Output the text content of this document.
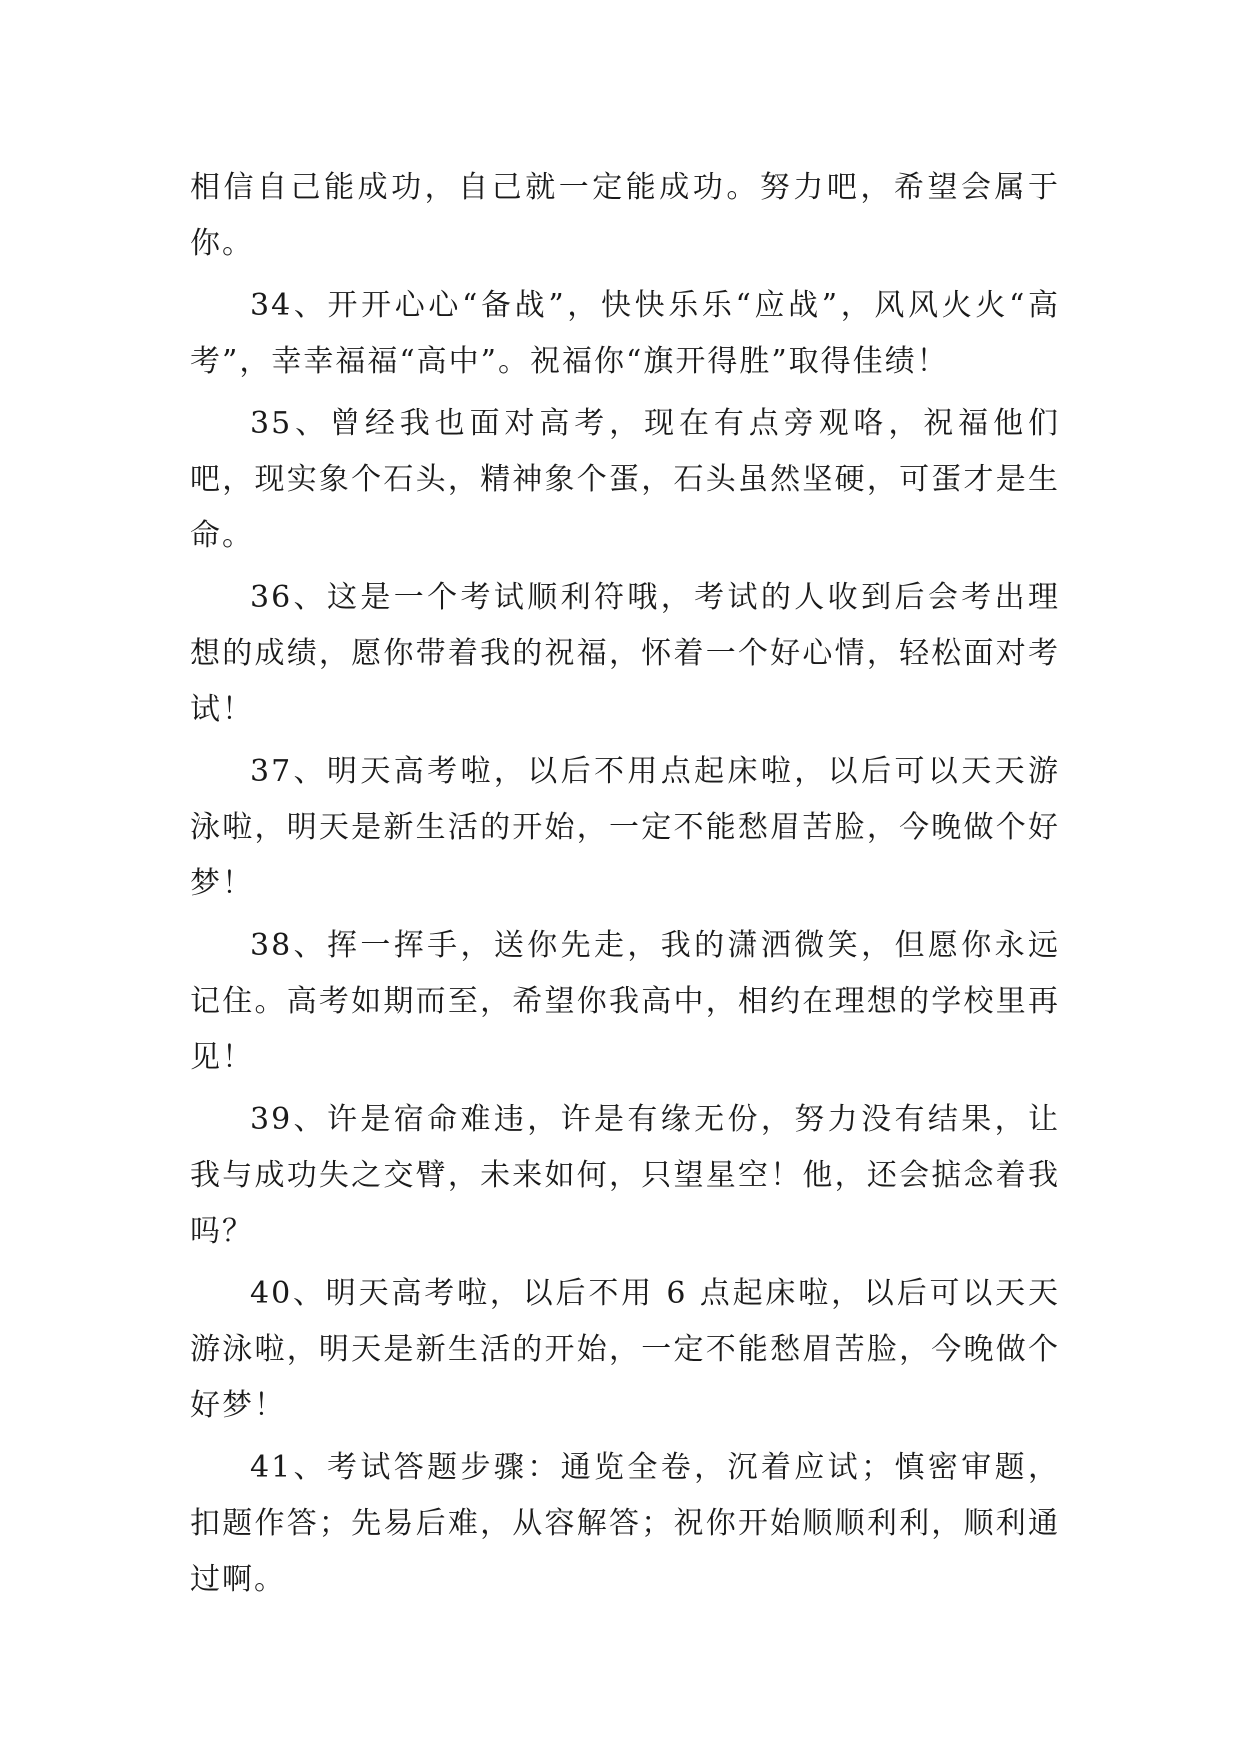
相信自己能成功，自己就一定能成功。努力吧，希望会属于你。

34、开开心心“备战”，快快乐乐“应战”，风风火火“高考”，幸幸福福“高中”。祝福你“旗开得胜”取得佳绩！

35、曾经我也面对高考，现在有点旁观咯，祝福他们吧，现实象个石头，精神象个蛋，石头虽然坚硬，可蛋才是生命。

36、这是一个考试顺利符哦，考试的人收到后会考出理想的成绩，愿你带着我的祝福，怀着一个好心情，轻松面对考试！

37、明天高考啦，以后不用点起床啦，以后可以天天游泳啦，明天是新生活的开始，一定不能愁眉苦脸，今晚做个好梦！

38、挥一挥手，送你先走，我的潇洒微笑，但愿你永远记住。高考如期而至，希望你我高中，相约在理想的学校里再见！

39、许是宿命难违，许是有缘无份，努力没有结果，让我与成功失之交臂，未来如何，只望星空！他，还会掂念着我吗？

40、明天高考啦，以后不用 6 点起床啦，以后可以天天游泳啦，明天是新生活的开始，一定不能愁眉苦脸，今晚做个好梦！

41、考试答题步骤：通览全卷，沉着应试；慎密审题，扣题作答；先易后难，从容解答；祝你开始顺顺利利，顺利通过啊。
